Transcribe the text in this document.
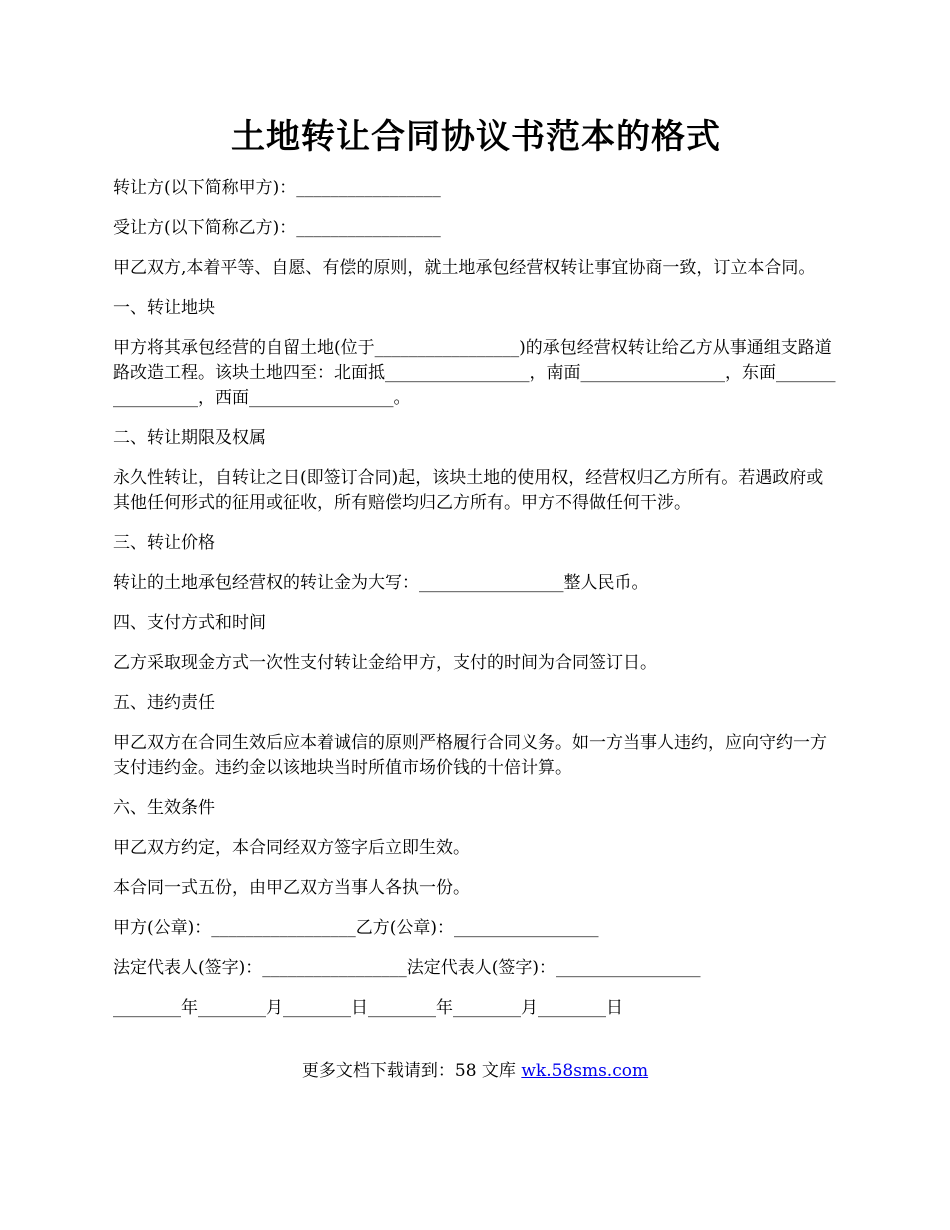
土地转让合同协议书范本的格式

转让方(以下简称甲方)：_________________

受让方(以下简称乙方)：_________________

甲乙双方,本着平等、自愿、有偿的原则，就土地承包经营权转让事宜协商一致，订立本合同。

一、转让地块

甲方将其承包经营的自留土地(位于_________________)的承包经营权转让给乙方从事通组支路道路改造工程。该块土地四至：北面抵_________________，南面_________________，东面_________________，西面_________________。

二、转让期限及权属

永久性转让，自转让之日(即签订合同)起，该块土地的使用权，经营权归乙方所有。若遇政府或其他任何形式的征用或征收，所有赔偿均归乙方所有。甲方不得做任何干涉。

三、转让价格

转让的土地承包经营权的转让金为大写：_________________整人民币。

四、支付方式和时间

乙方采取现金方式一次性支付转让金给甲方，支付的时间为合同签订日。

五、违约责任

甲乙双方在合同生效后应本着诚信的原则严格履行合同义务。如一方当事人违约，应向守约一方支付违约金。违约金以该地块当时所值市场价钱的十倍计算。

六、生效条件

甲乙双方约定，本合同经双方签字后立即生效。

本合同一式五份，由甲乙双方当事人各执一份。

甲方(公章)：_________________乙方(公章)：_________________

法定代表人(签字)：_________________法定代表人(签字)：_________________

________年________月________日________年________月________日

更多文档下载请到：58 文库 wk.58sms.com
